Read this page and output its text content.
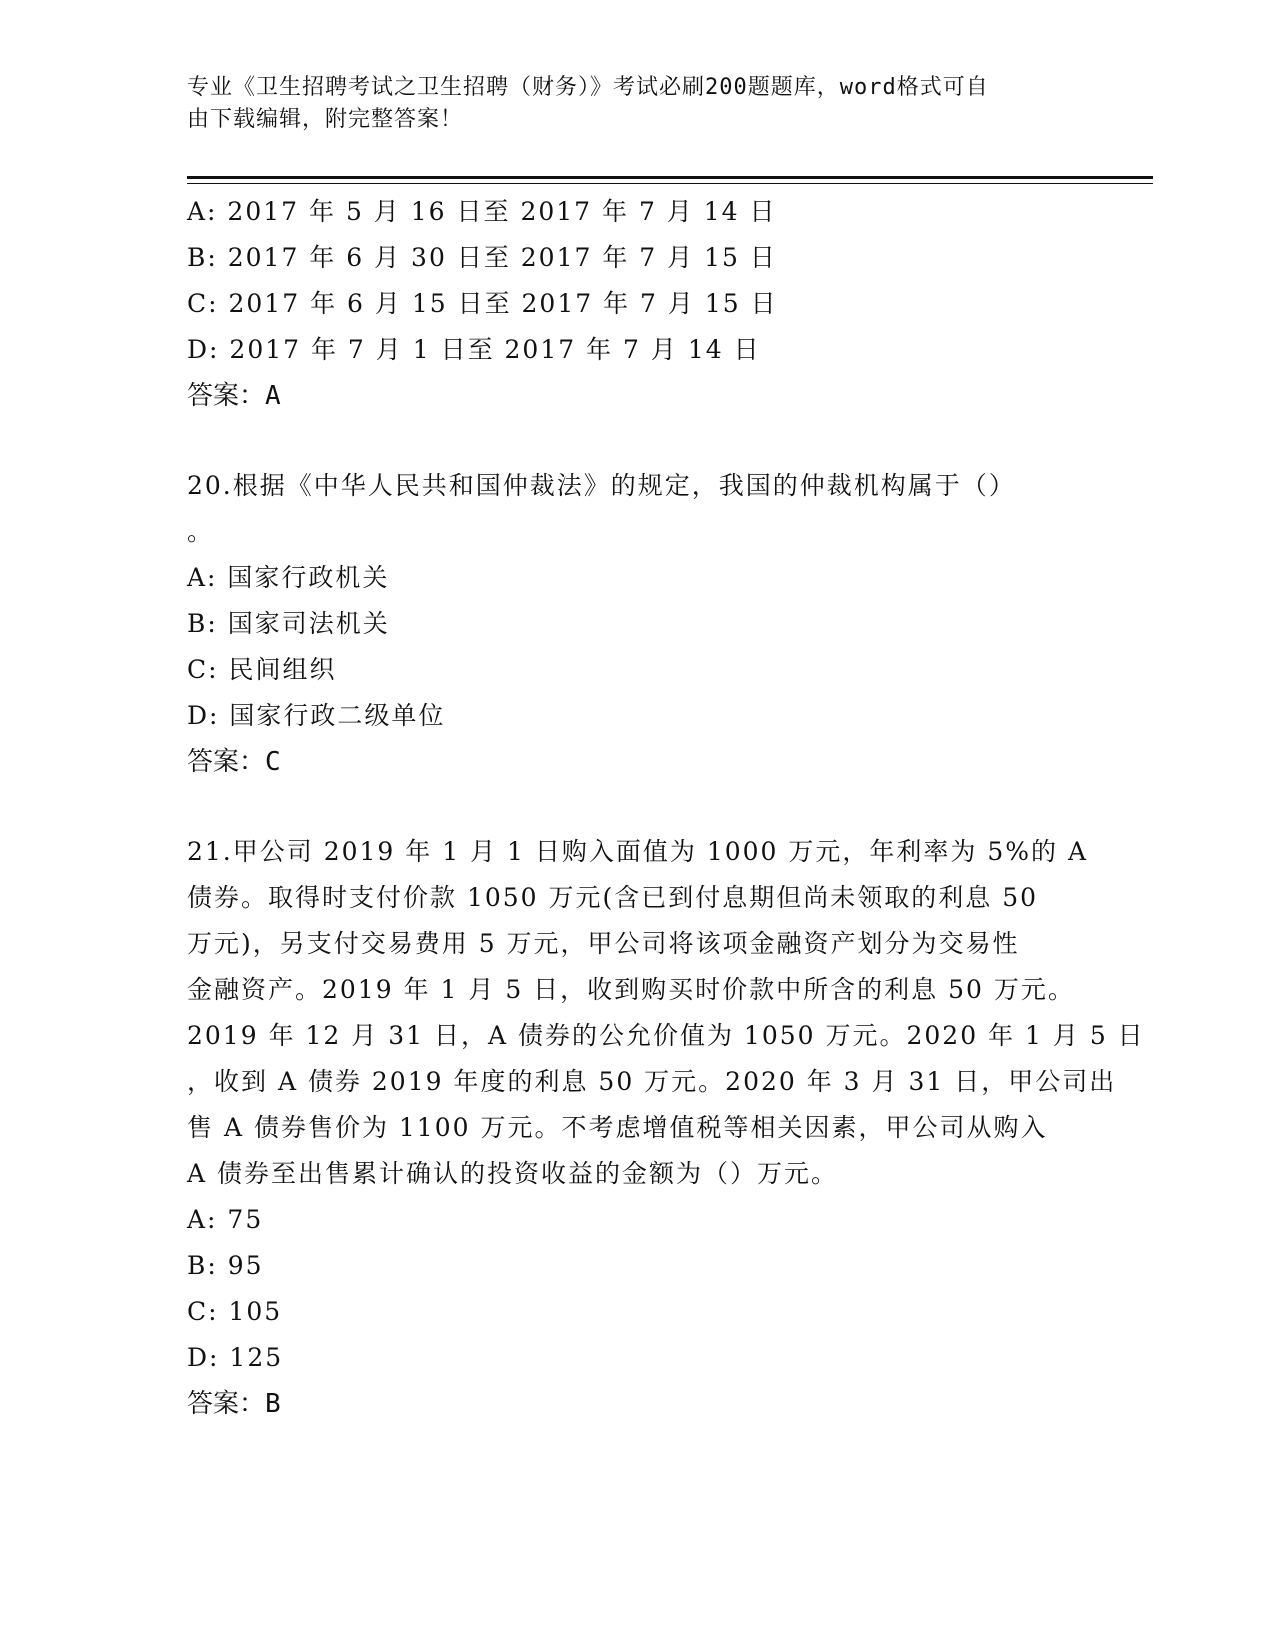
专业《卫生招聘考试之卫生招聘（财务）》考试必刷200题题库，word格式可自
由下载编辑，附完整答案！
A: 2017 年 5 月 16 日至 2017 年 7 月 14 日
B: 2017 年 6 月 30 日至 2017 年 7 月 15 日
C: 2017 年 6 月 15 日至 2017 年 7 月 15 日
D: 2017 年 7 月 1 日至 2017 年 7 月 14 日
答案：A
20.根据《中华人民共和国仲裁法》的规定，我国的仲裁机构属于（）
。
A: 国家行政机关
B: 国家司法机关
C: 民间组织
D: 国家行政二级单位
答案：C
21.甲公司 2019 年 1 月 1 日购入面值为 1000 万元，年利率为 5%的 A
债券。取得时支付价款 1050 万元(含已到付息期但尚未领取的利息 50
万元)，另支付交易费用 5 万元，甲公司将该项金融资产划分为交易性
金融资产。2019 年 1 月 5 日，收到购买时价款中所含的利息 50 万元。
2019 年 12 月 31 日，A 债券的公允价值为 1050 万元。2020 年 1 月 5 日
，收到 A 债券 2019 年度的利息 50 万元。2020 年 3 月 31 日，甲公司出
售 A 债券售价为 1100 万元。不考虑增值税等相关因素，甲公司从购入
A 债券至出售累计确认的投资收益的金额为（）万元。
A: 75
B: 95
C: 105
D: 125
答案：B
